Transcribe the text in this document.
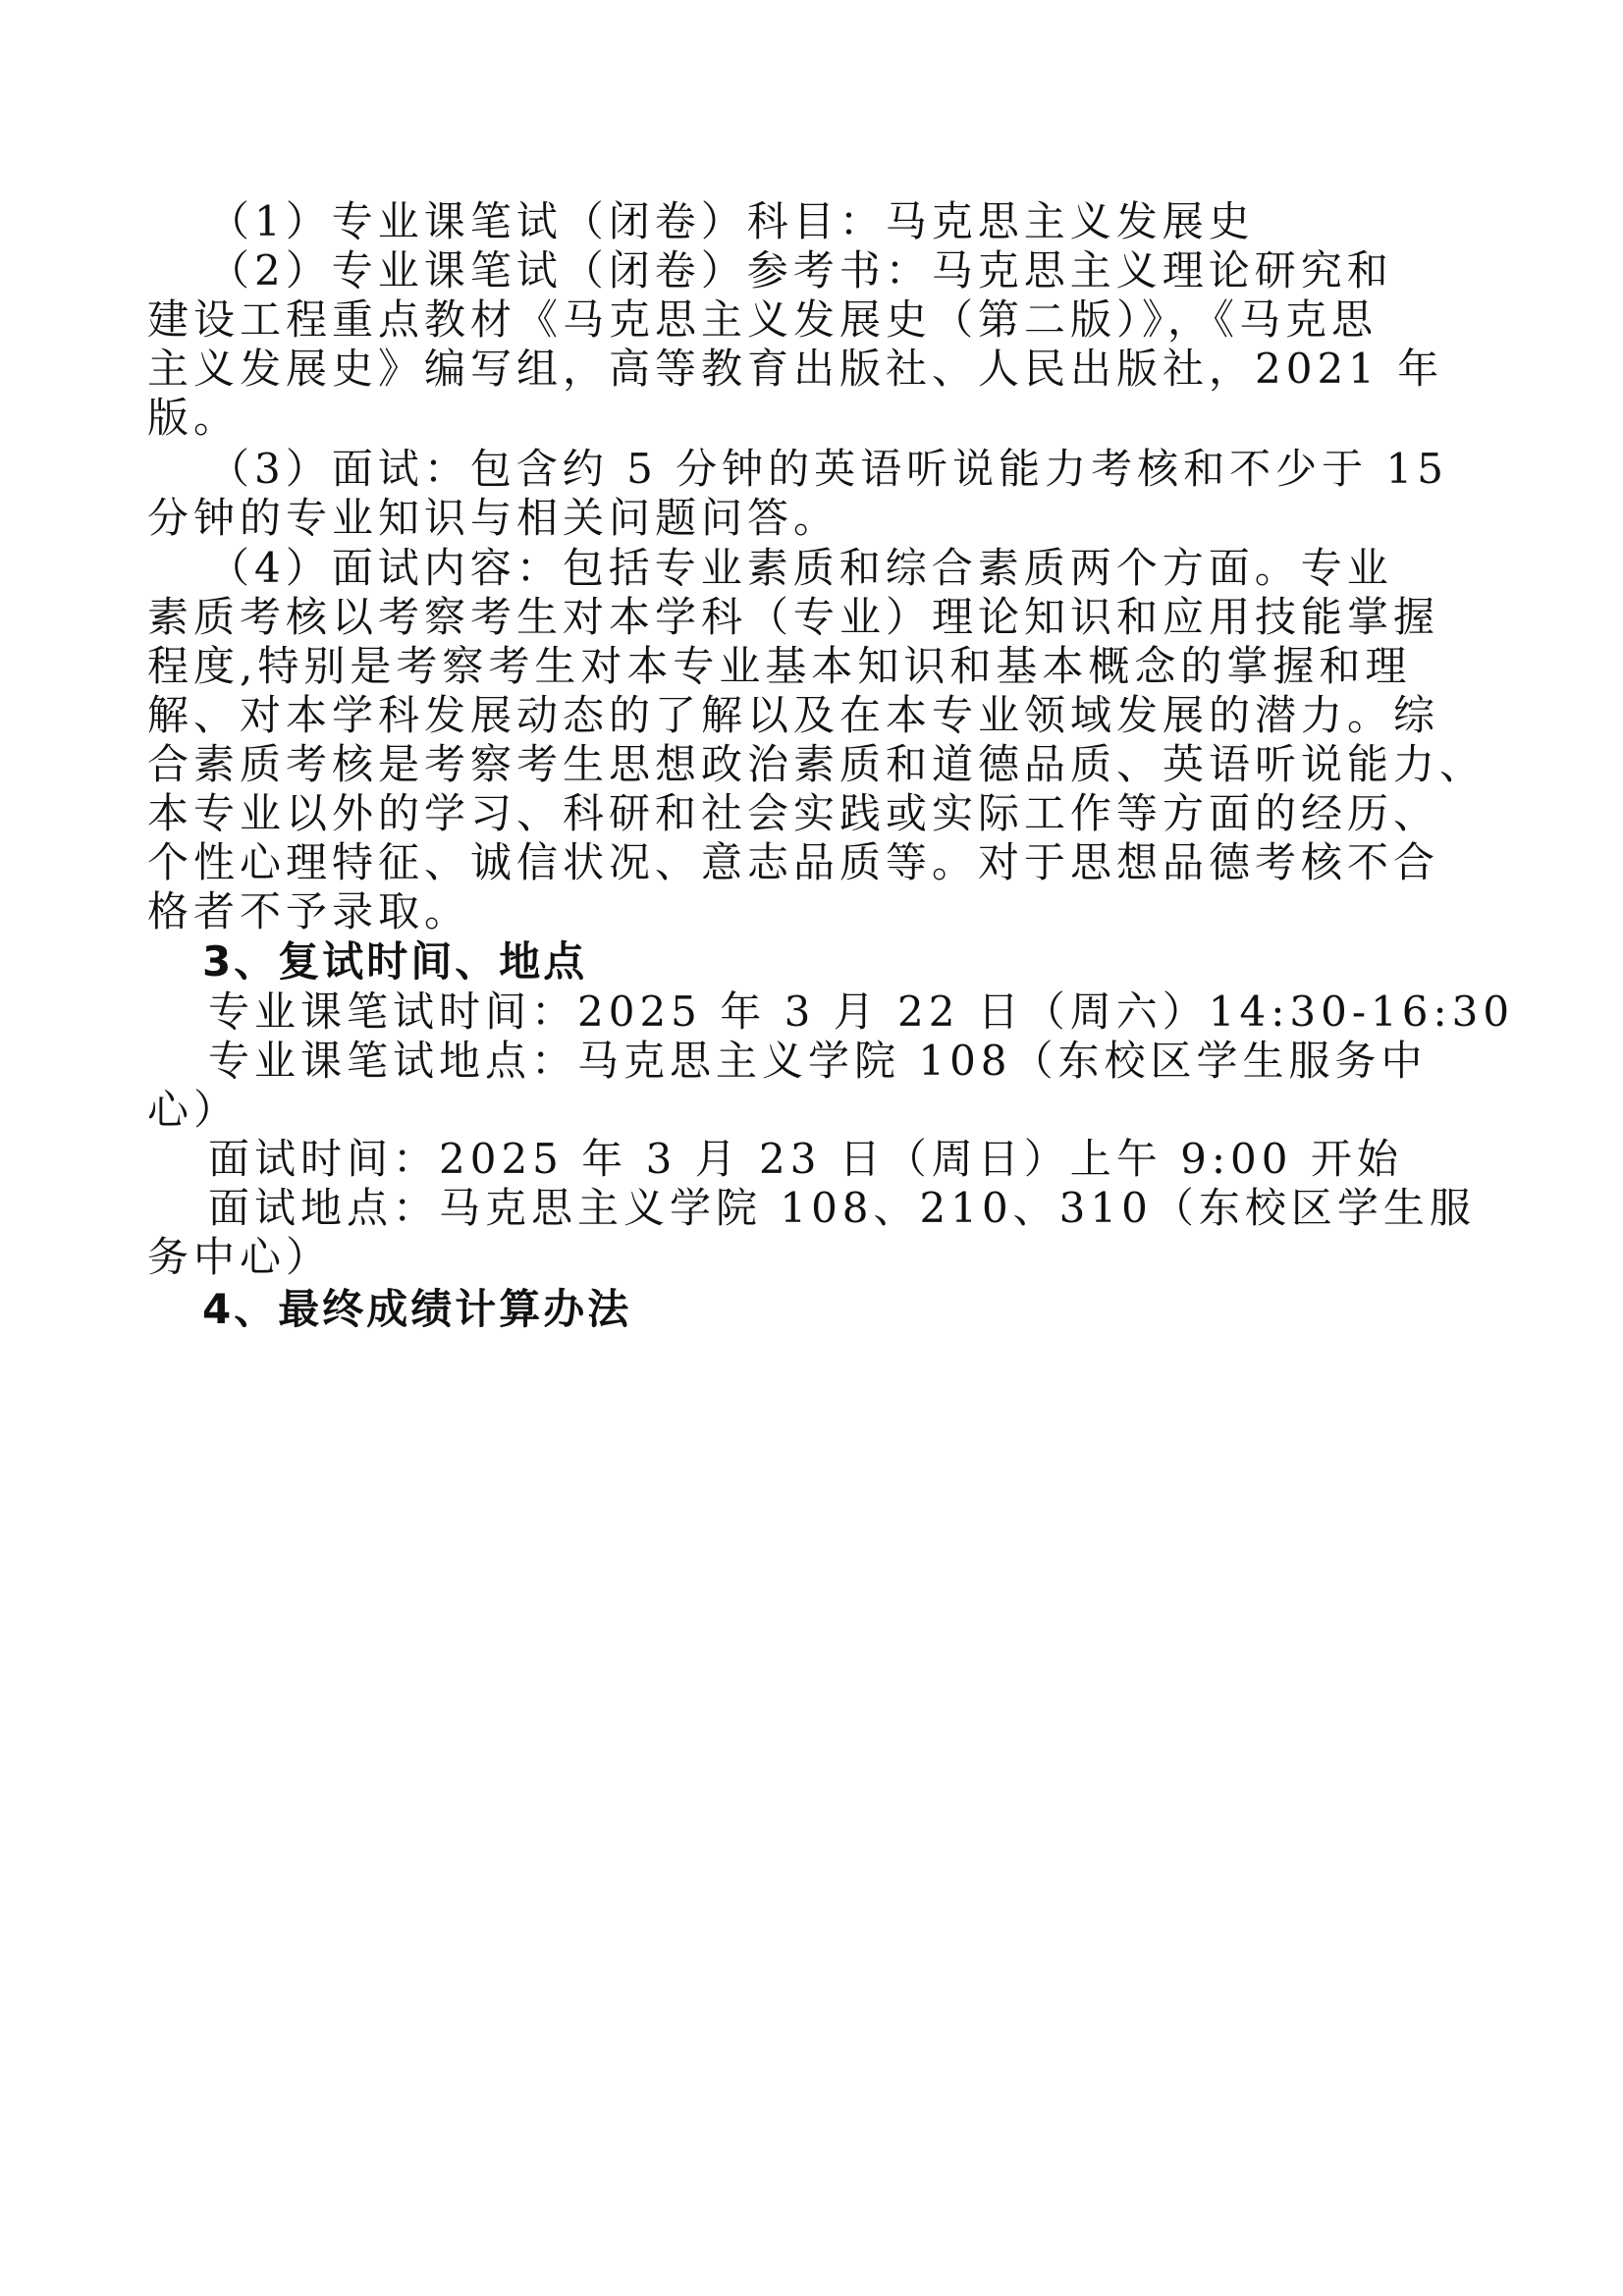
（1）专业课笔试（闭卷）科目：马克思主义发展史
（2）专业课笔试（闭卷）参考书：马克思主义理论研究和
建设工程重点教材《马克思主义发展史（第二版）》，《马克思
主义发展史》编写组，高等教育出版社、人民出版社，2021 年
版。
（3）面试：包含约 5 分钟的英语听说能力考核和不少于 15
分钟的专业知识与相关问题问答。
（4）面试内容：包括专业素质和综合素质两个方面。专业
素质考核以考察考生对本学科（专业）理论知识和应用技能掌握
程度,特别是考察考生对本专业基本知识和基本概念的掌握和理
解、对本学科发展动态的了解以及在本专业领域发展的潜力。综
合素质考核是考察考生思想政治素质和道德品质、英语听说能力、
本专业以外的学习、科研和社会实践或实际工作等方面的经历、
个性心理特征、诚信状况、意志品质等。对于思想品德考核不合
格者不予录取。
3、复试时间、地点
专业课笔试时间：2025 年 3 月 22 日（周六）14:30-16:30
专业课笔试地点：马克思主义学院 108（东校区学生服务中
心）
面试时间：2025 年 3 月 23 日（周日）上午 9:00 开始
面试地点：马克思主义学院 108、210、310（东校区学生服
务中心）
4、最终成绩计算办法
